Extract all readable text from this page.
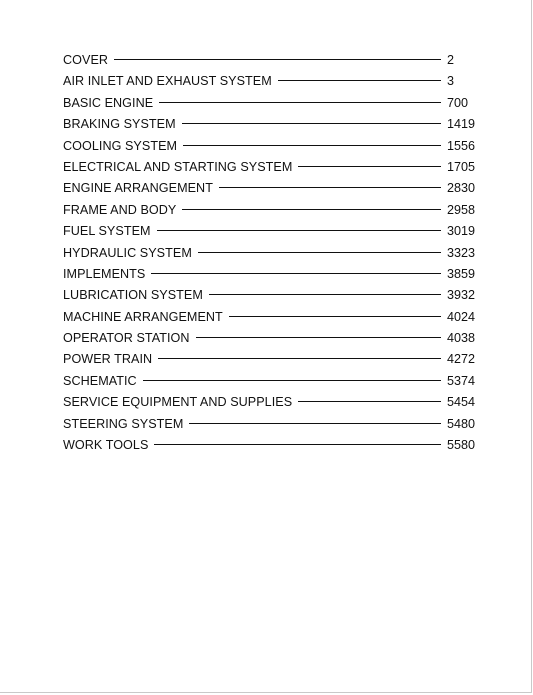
COVER	2
AIR INLET AND EXHAUST SYSTEM	3
BASIC ENGINE	700
BRAKING SYSTEM	1419
COOLING SYSTEM	1556
ELECTRICAL AND STARTING SYSTEM	1705
ENGINE ARRANGEMENT	2830
FRAME AND BODY	2958
FUEL SYSTEM	3019
HYDRAULIC SYSTEM	3323
IMPLEMENTS	3859
LUBRICATION SYSTEM	3932
MACHINE ARRANGEMENT	4024
OPERATOR STATION	4038
POWER TRAIN	4272
SCHEMATIC	5374
SERVICE EQUIPMENT AND SUPPLIES	5454
STEERING SYSTEM	5480
WORK TOOLS	5580
